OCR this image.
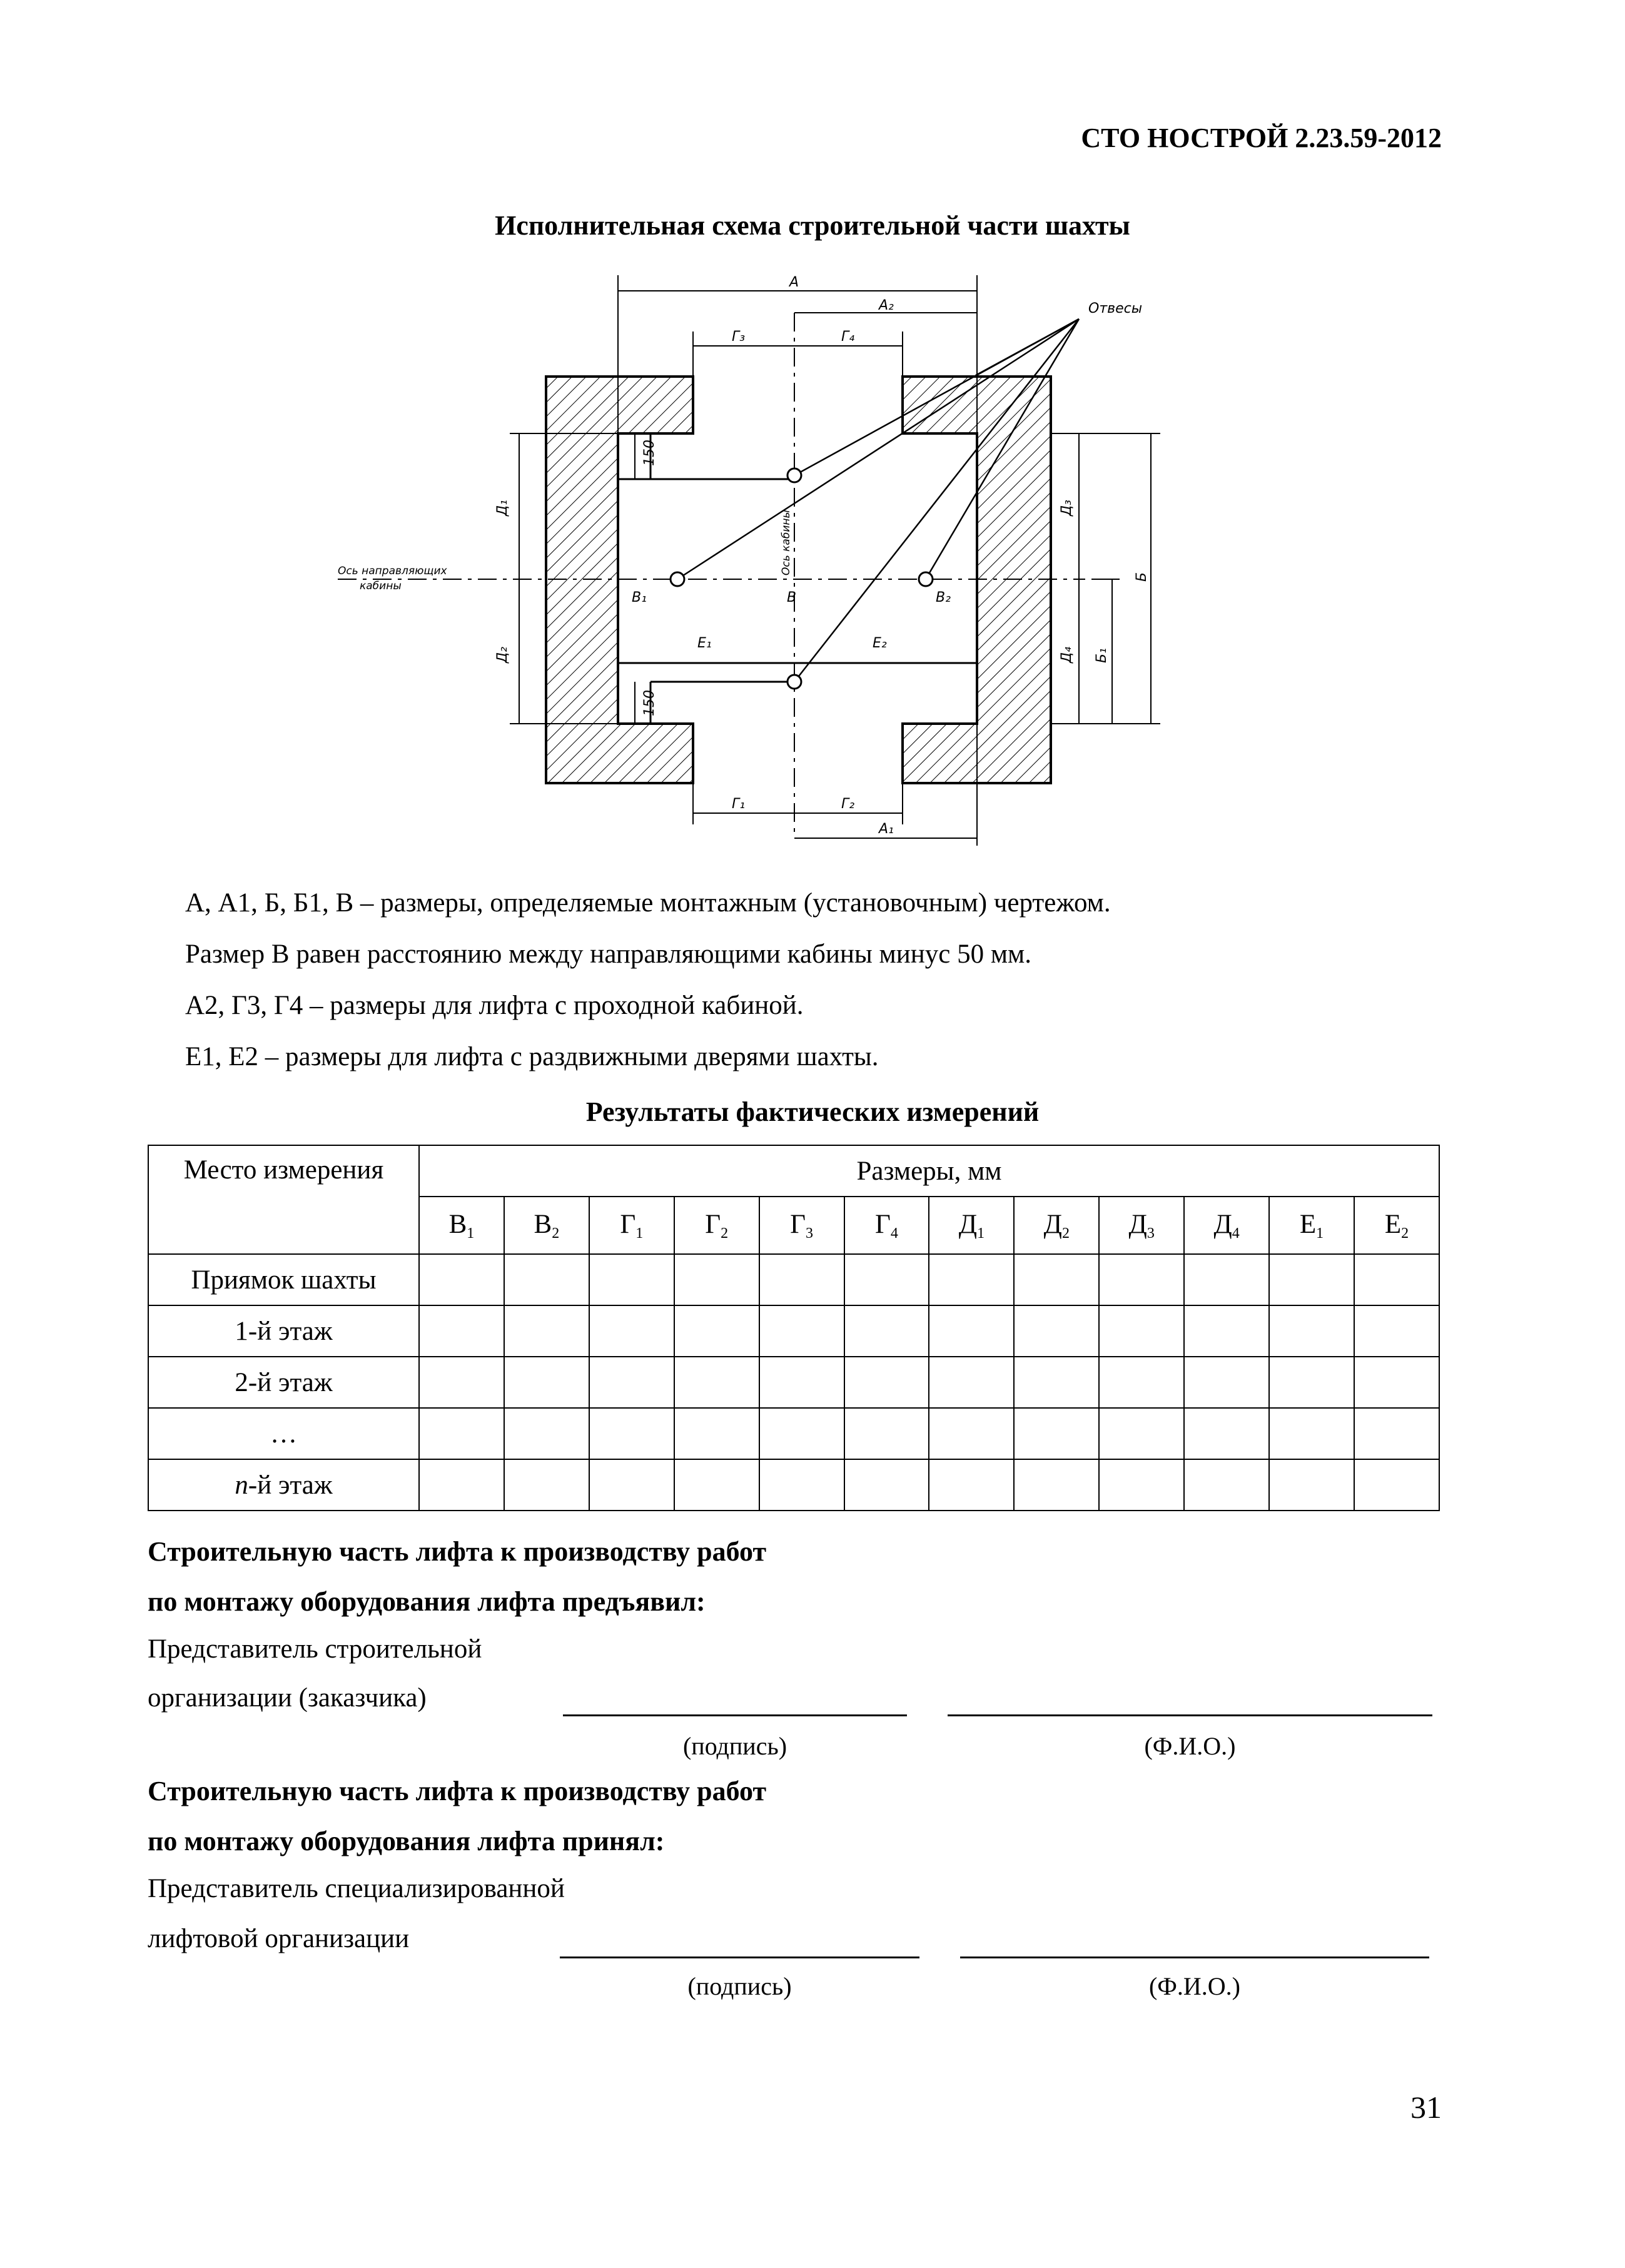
СТО НОСТРОЙ 2.23.59-2012
Исполнительная схема строительной части шахты
А
А₂
Г₃	Г₄
Отвесы
Ось направляющих
кабины
Ось кабины
150
150
В₁	В	В₂
Е₁	Е₂
Д₁
Д₂
Д₃
Д₄ Б₁
Б
Г₁	Г₂
А₁
А, А1, Б, Б1, В – размеры, определяемые монтажным (установочным) чертежом.
Размер В равен расстоянию между направляющими кабины минус 50 мм.
А2, Г3, Г4 – размеры для лифта с проходной кабиной.
Е1, Е2 – размеры для лифта с раздвижными дверями шахты.
Результаты фактических измерений
Место измерения	Размеры, мм											
	$В_1$	$В_2$	$Г_1$	$Г_2$	$Г_3$	$Г_4$	$Д_1$	$Д_2$	$Д_3$	$Д_4$	$Е_1$	$Е_2$
Приямок шахты												
1-й этаж												
2-й этаж												
…												
n-й этаж												
Строительную часть лифта к производству работ
по монтажу оборудования лифта предъявил:
Представитель строительной
организации (заказчика)
(подпись)	(Ф.И.О.)
Строительную часть лифта к производству работ
по монтажу оборудования лифта принял:
Представитель специализированной
лифтовой организации
(подпись)	(Ф.И.О.)
31
